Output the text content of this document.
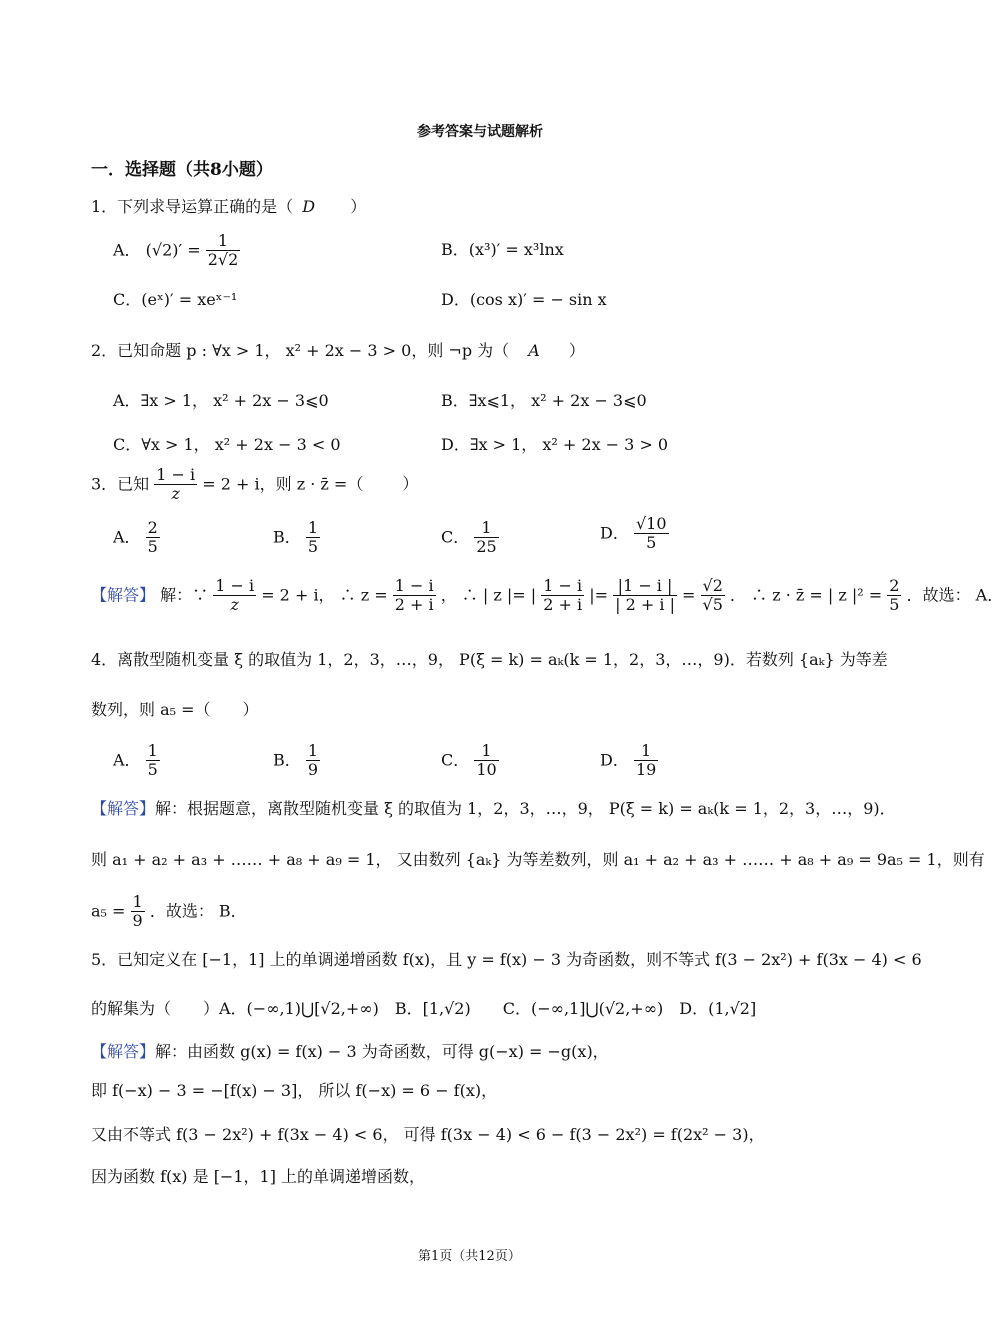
参考答案与试题解析
一．选择题（共8小题）
1．下列求导运算正确的是（ D ）
A． $(√2)' = \frac{1}{2√2}$	B．(x³)′ = x³lnx
C．(eˣ)′ = xeˣ⁻¹	D．(cos x)′ = − sin x
2．已知命题 p : ∀x > 1， x² + 2x − 3 > 0，则 ¬p 为（ A ）
A．∃x > 1， x² + 2x − 3⩽0	B．∃x⩽1， x² + 2x − 3⩽0
C．∀x > 1， x² + 2x − 3 < 0	D．∃x > 1， x² + 2x − 3 > 0
3．已知 $\frac{1 - i}{z} = 2 + i$，则 z · z̄ =（ ）
A． $\frac{2}{5}$	B． $\frac{1}{5}$	C． $\frac{1}{25}$	D． $\frac{√10}{5}$
【解答】 解：∵ $\frac{1 - i}{z} = 2 + i$， ∴ $z = \frac{1 - i}{2 + i}$ ， ∴ | z |= | $\frac{1 - i}{2 + i}$ |= $\frac{|1 - i |}{| 2 + i |} = \frac{√2}{√5}$ ． ∴ z · z̄ = | z $|^2 = \frac{2}{5}$ ．故选： A．
4．离散型随机变量 ξ 的取值为 1，2，3，…，9， P(ξ = k) = aₖ(k = 1，2，3，…，9)．若数列 {aₖ} 为等差
数列，则 a₅ =（　　）
A． $\frac{1}{5}$	B． $\frac{1}{9}$	C． $\frac{1}{10}$	D． $\frac{1}{19}$
【解答】解：根据题意，离散型随机变量 ξ 的取值为 1，2，3，…，9， P(ξ = k) = aₖ(k = 1，2，3，…，9)．
则 a₁ + a₂ + a₃ + …… + a₈ + a₉ = 1， 又由数列 {aₖ} 为等差数列，则 a₁ + a₂ + a₃ + …… + a₈ + a₉ = 9a₅ = 1，则有
$a_5 = \frac{1}{9}$ ．故选： B．
5．已知定义在 [−1，1] 上的单调递增函数 f(x)，且 y = f(x) − 3 为奇函数，则不等式 f(3 − 2x²) + f(3x − 4) < 6
的解集为（　　）A．(−∞,1)⋃[√2,+∞)　B．[1,√2)　　C．(−∞,1]⋃(√2,+∞)　D．(1,√2]
【解答】解：由函数 g(x) = f(x) − 3 为奇函数，可得 g(−x) = −g(x)，
即 f(−x) − 3 = −[f(x) − 3]， 所以 f(−x) = 6 − f(x)，
又由不等式 f(3 − 2x²) + f(3x − 4) < 6， 可得 f(3x − 4) < 6 − f(3 − 2x²) = f(2x² − 3)，
因为函数 f(x) 是 [−1，1] 上的单调递增函数，
第1页（共12页）
